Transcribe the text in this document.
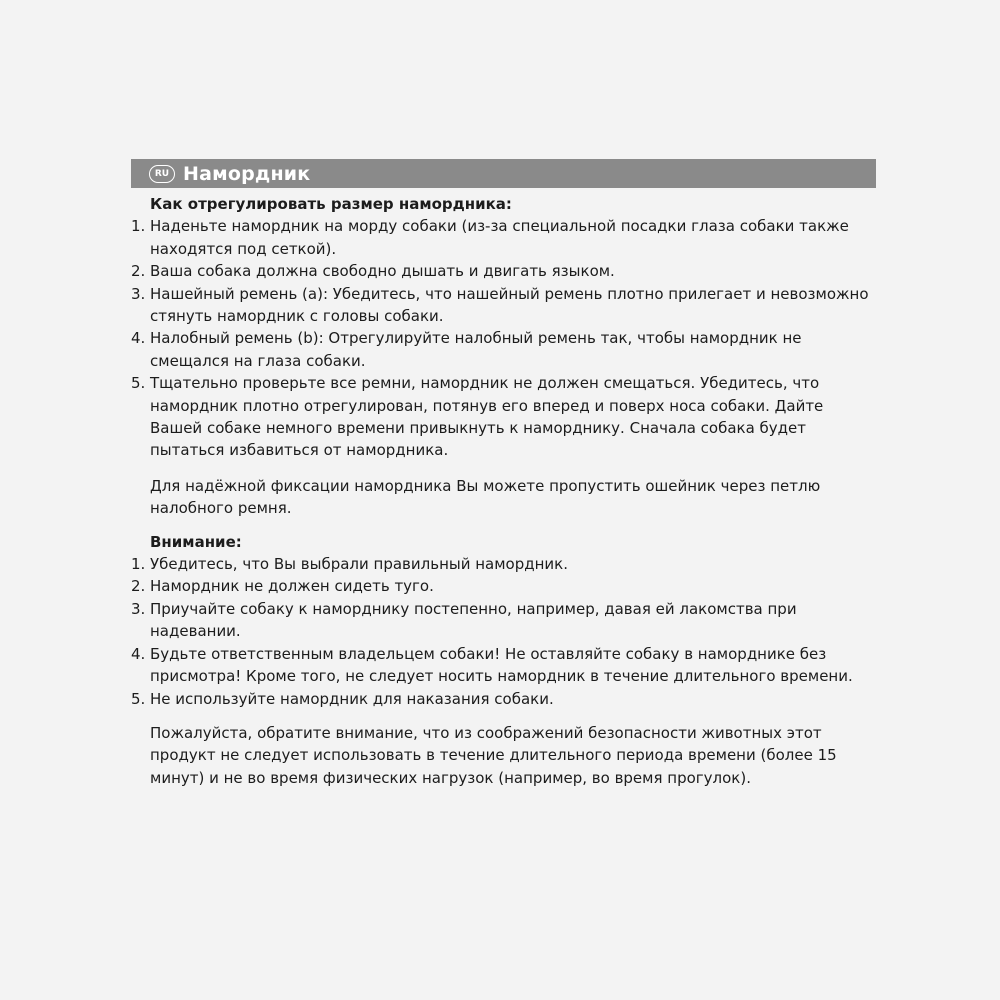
RU Намордник
Как отрегулировать размер намордника:
1. Наденьте намордник на морду собаки (из-за специальной посадки глаза собаки также находятся под сеткой).
2. Ваша собака должна свободно дышать и двигать языком.
3. Нашейный ремень (a): Убедитесь, что нашейный ремень плотно прилегает и невозможно стянуть намордник с головы собаки.
4. Налобный ремень (b): Отрегулируйте налобный ремень так, чтобы намордник не смещался на глаза собаки.
5. Тщательно проверьте все ремни, намордник не должен смещаться. Убедитесь, что намордник плотно отрегулирован, потянув его вперед и поверх носа собаки. Дайте Вашей собаке немного времени привыкнуть к наморднику. Сначала собака будет пытаться избавиться от намордника.
Для надёжной фиксации намордника Вы можете пропустить ошейник через петлю налобного ремня.
Внимание:
1. Убедитесь, что Вы выбрали правильный намордник.
2. Намордник не должен сидеть туго.
3. Приучайте собаку к наморднику постепенно, например, давая ей лакомства при надевании.
4. Будьте ответственным владельцем собаки! Не оставляйте собаку в наморднике без присмотра! Кроме того, не следует носить намордник в течение длительного времени.
5. Не используйте намордник для наказания собаки.
Пожалуйста, обратите внимание, что из соображений безопасности животных этот продукт не следует использовать в течение длительного периода времени (более 15 минут) и не во время физических нагрузок (например, во время прогулок).
